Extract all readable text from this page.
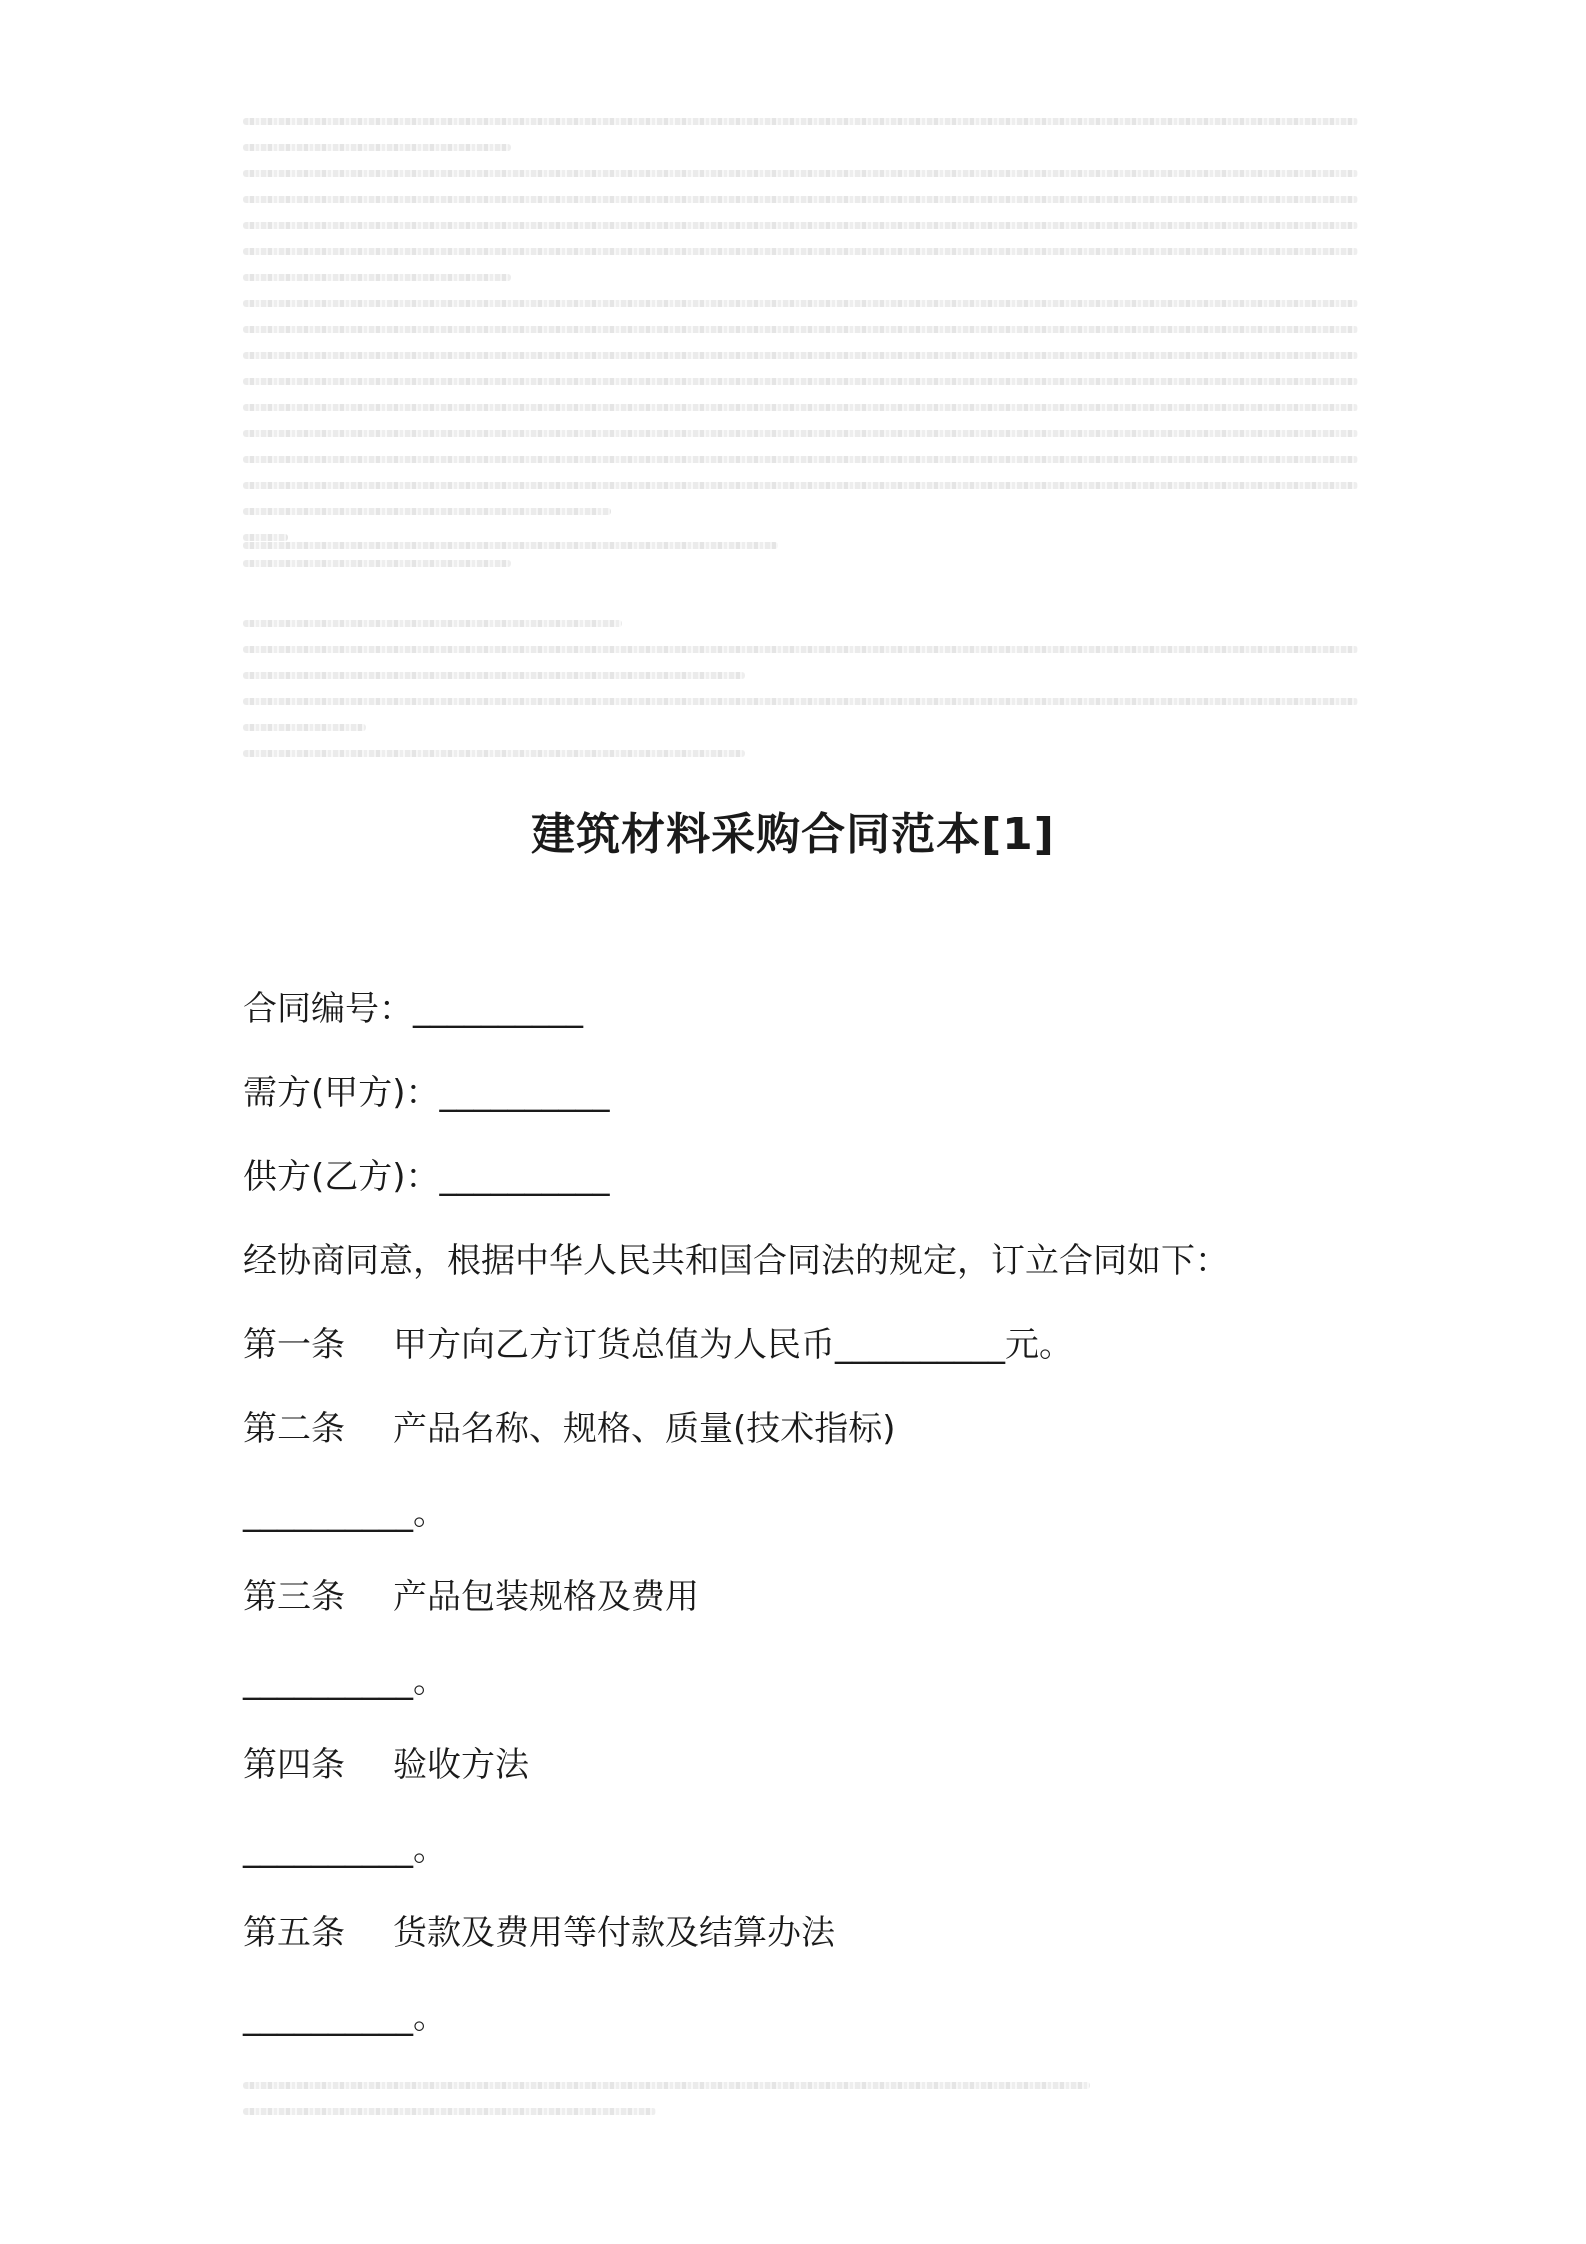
建筑材料采购合同范本[1]
合同编号：__________
需方(甲方)：__________
供方(乙方)：__________
经协商同意，根据中华人民共和国合同法的规定，订立合同如下：
第一条 甲方向乙方订货总值为人民币__________元。
第二条 产品名称、规格、质量(技术指标)
__________。
第三条 产品包装规格及费用
__________。
第四条 验收方法
__________。
第五条 货款及费用等付款及结算办法
__________。
